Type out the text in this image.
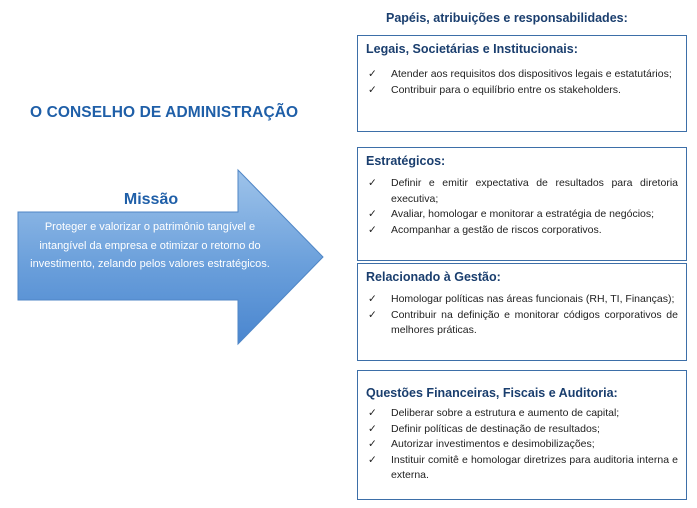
O CONSELHO DE ADMINISTRAÇÃO
Missão
Proteger e valorizar o patrimônio tangível e intangível da empresa e otimizar o retorno do investimento, zelando pelos valores estratégicos.
Papéis, atribuições e responsabilidades:
Legais, Societárias e Institucionais:
✓ Atender aos requisitos dos dispositivos legais e estatutários;
✓ Contribuir para o equilíbrio entre os stakeholders.
Estratégicos:
✓ Definir e emitir expectativa de resultados para diretoria executiva;
✓ Avaliar, homologar e monitorar a estratégia de negócios;
✓ Acompanhar a gestão de riscos corporativos.
Relacionado à Gestão:
✓ Homologar políticas nas áreas funcionais (RH, TI, Finanças);
✓ Contribuir na definição e monitorar códigos corporativos de melhores práticas.
Questões Financeiras, Fiscais e Auditoria:
✓ Deliberar sobre a estrutura e aumento de capital;
✓ Definir políticas de destinação de resultados;
✓ Autorizar investimentos e desimobilizações;
✓ Instituir comitê e homologar diretrizes para auditoria interna e externa.
